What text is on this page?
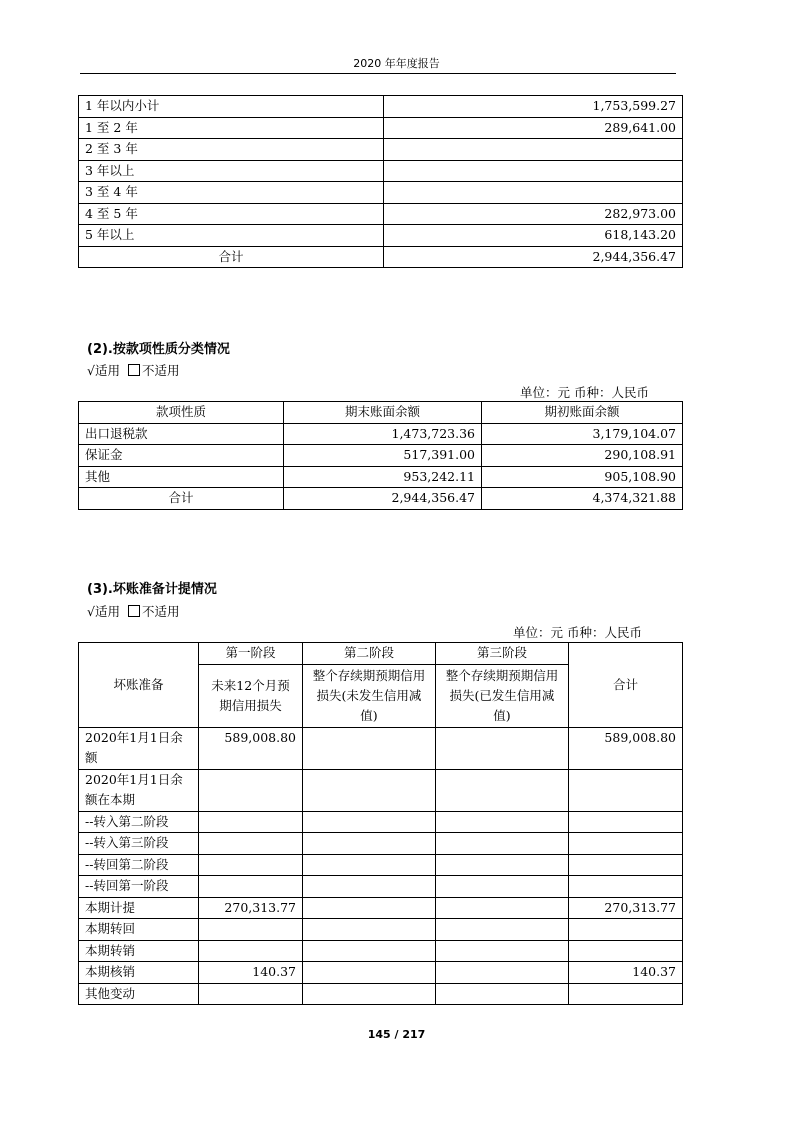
2020 年年度报告
1 年以内小计	1,753,599.27
1 至 2 年	289,641.00
2 至 3 年	
3 年以上	
3 至 4 年	
4 至 5 年	282,973.00
5 年以上	618,143.20
合计	2,944,356.47
(2).按款项性质分类情况
√适用 不适用
单位：元 币种：人民币
款项性质	期末账面余额	期初账面余额
出口退税款	1,473,723.36	3,179,104.07
保证金	517,391.00	290,108.91
其他	953,242.11	905,108.90
合计	2,944,356.47	4,374,321.88
(3).坏账准备计提情况
√适用 不适用
单位：元 币种：人民币
坏账准备	第一阶段	第二阶段	第三阶段	合计
	未来12个月预期信用损失	整个存续期预期信用损失(未发生信用减值)	整个存续期预期信用损失(已发生信用减值)	
2020年1月1日余额	589,008.80			589,008.80
2020年1月1日余额在本期				
--转入第二阶段				
--转入第三阶段				
--转回第二阶段				
--转回第一阶段				
本期计提	270,313.77			270,313.77
本期转回				
本期转销				
本期核销	140.37			140.37
其他变动				
145 / 217
